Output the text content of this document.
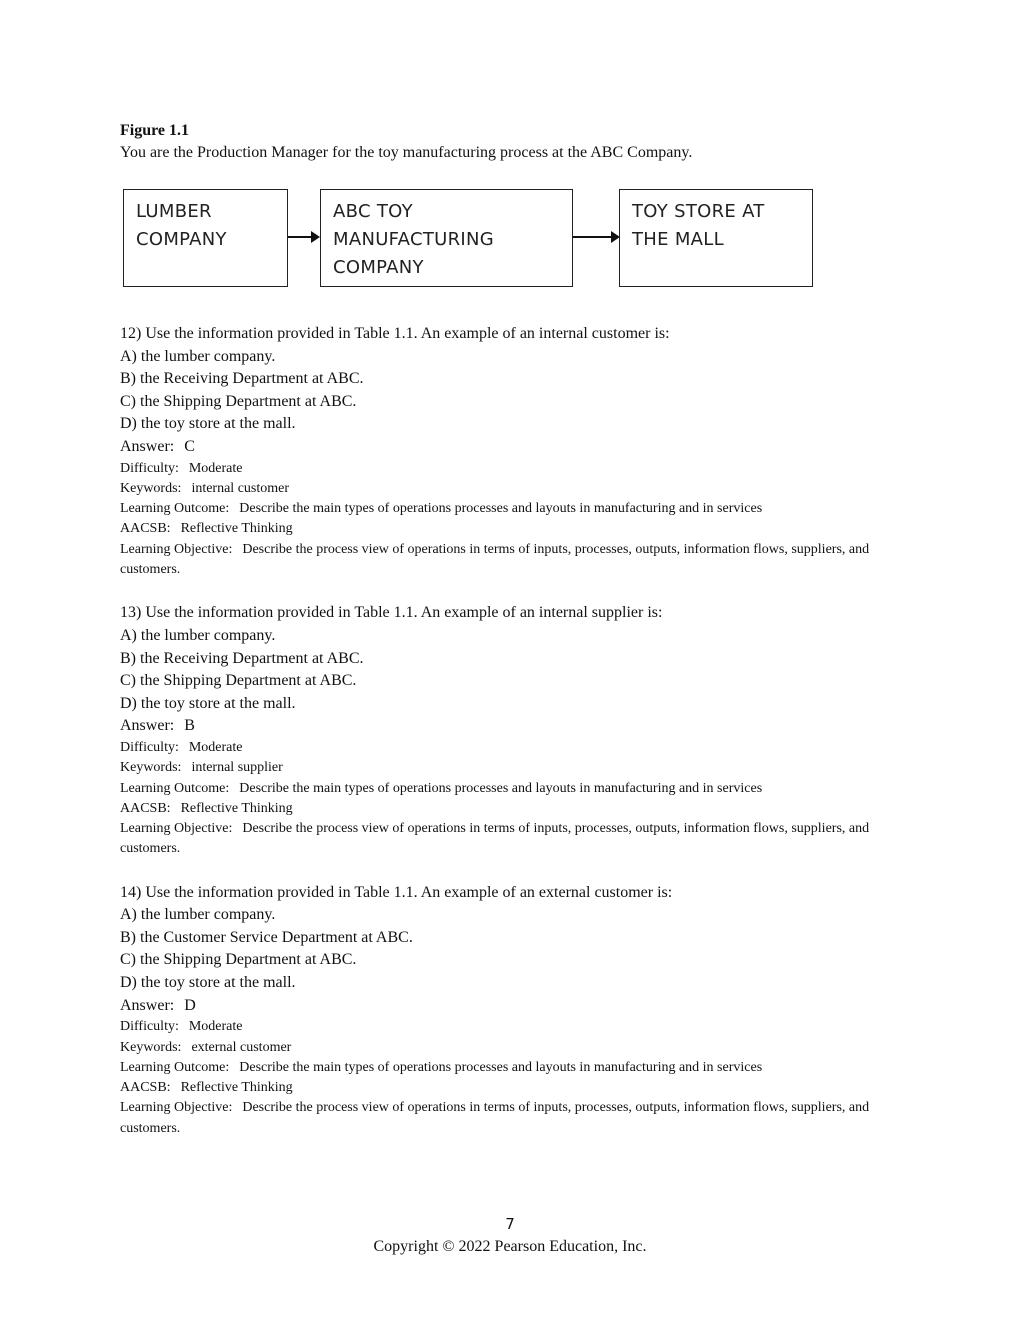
Figure 1.1

You are the Production Manager for the toy manufacturing process at the ABC Company.

LUMBER
COMPANY
ABC TOY
MANUFACTURING
COMPANY
TOY STORE AT
THE MALL

12) Use the information provided in Table 1.1. An example of an internal customer is:

A) the lumber company.

B) the Receiving Department at ABC.

C) the Shipping Department at ABC.

D) the toy store at the mall.

Answer: C

Difficulty: Moderate

Keywords: internal customer

Learning Outcome: Describe the main types of operations processes and layouts in manufacturing and in services

AACSB: Reflective Thinking

Learning Objective: Describe the process view of operations in terms of inputs, processes, outputs, information flows, suppliers, and customers.

13) Use the information provided in Table 1.1. An example of an internal supplier is:

A) the lumber company.

B) the Receiving Department at ABC.

C) the Shipping Department at ABC.

D) the toy store at the mall.

Answer: B

Difficulty: Moderate

Keywords: internal supplier

Learning Outcome: Describe the main types of operations processes and layouts in manufacturing and in services

AACSB: Reflective Thinking

Learning Objective: Describe the process view of operations in terms of inputs, processes, outputs, information flows, suppliers, and customers.

14) Use the information provided in Table 1.1. An example of an external customer is:

A) the lumber company.

B) the Customer Service Department at ABC.

C) the Shipping Department at ABC.

D) the toy store at the mall.

Answer: D

Difficulty: Moderate

Keywords: external customer

Learning Outcome: Describe the main types of operations processes and layouts in manufacturing and in services

AACSB: Reflective Thinking

Learning Objective: Describe the process view of operations in terms of inputs, processes, outputs, information flows, suppliers, and customers.

7
Copyright © 2022 Pearson Education, Inc.
